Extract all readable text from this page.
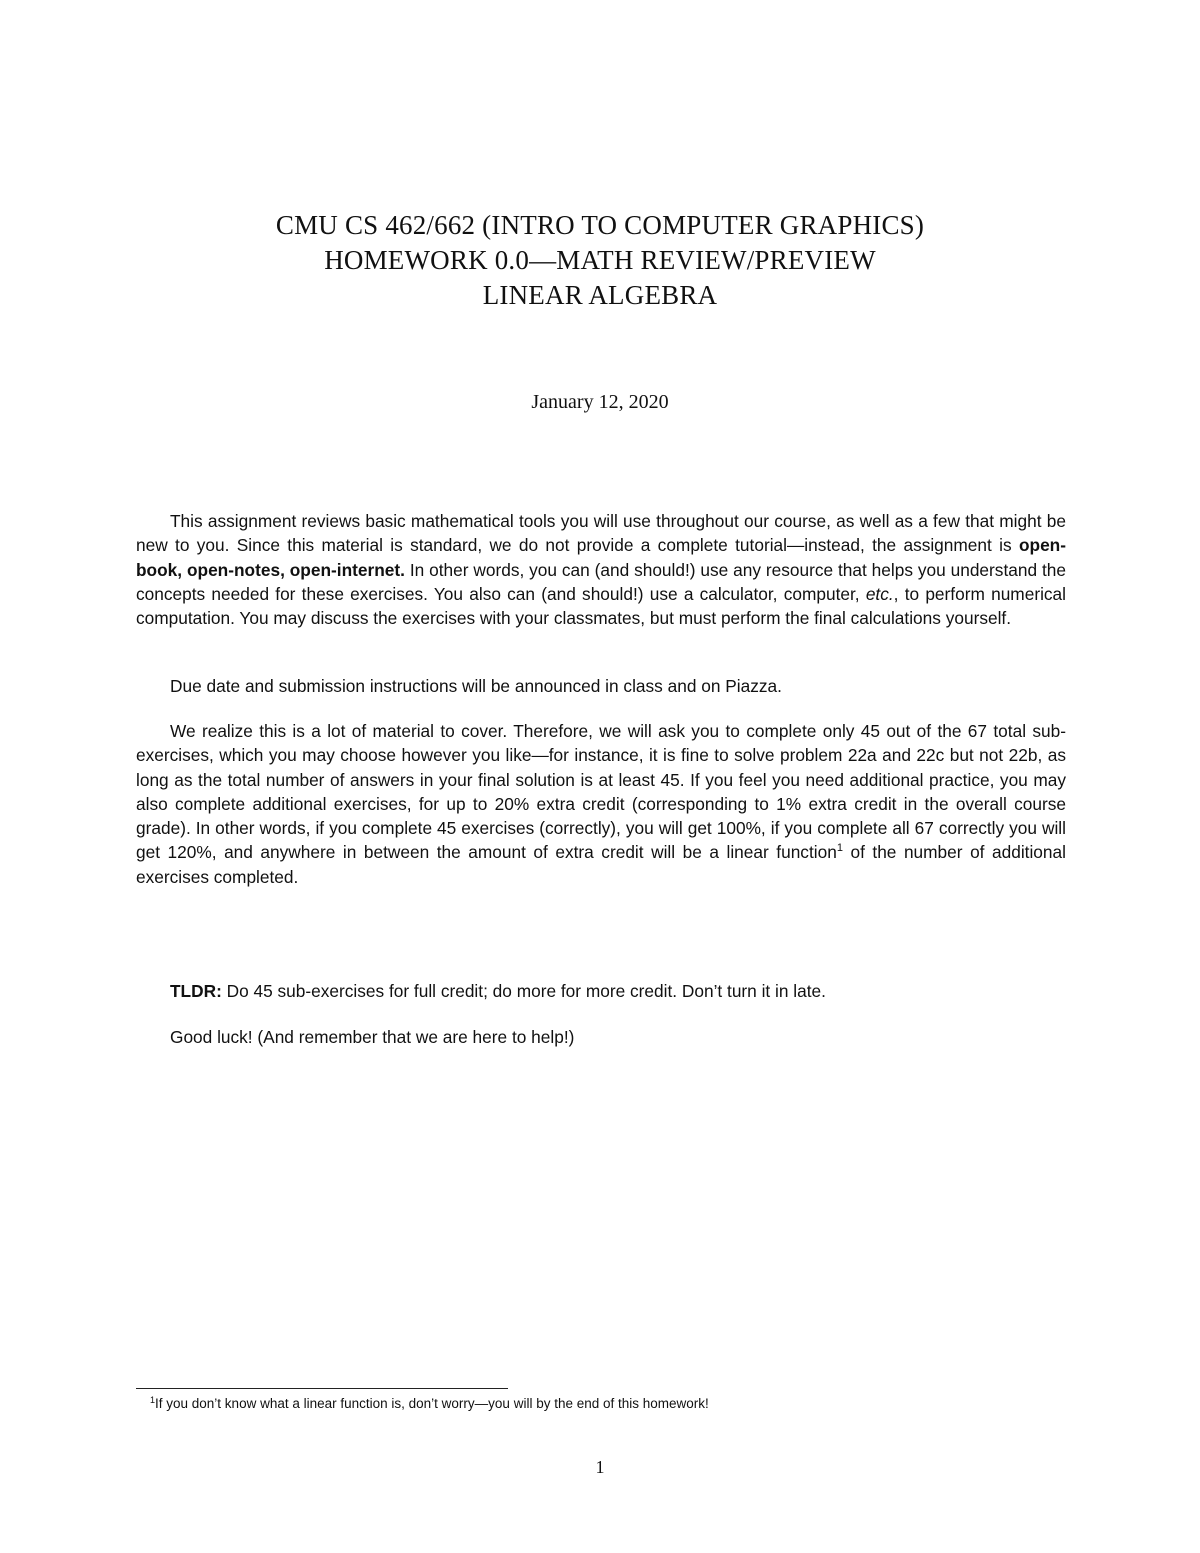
CMU CS 462/662 (INTRO TO COMPUTER GRAPHICS)
HOMEWORK 0.0—MATH REVIEW/PREVIEW
LINEAR ALGEBRA
January 12, 2020

This assignment reviews basic mathematical tools you will use throughout our course, as well as a few that might be new to you. Since this material is standard, we do not provide a complete tutorial—instead, the assignment is open-book, open-notes, open-internet. In other words, you can (and should!) use any resource that helps you understand the concepts needed for these exercises. You also can (and should!) use a calculator, computer, etc., to perform numerical computation. You may discuss the exercises with your classmates, but must perform the final calculations yourself.

Due date and submission instructions will be announced in class and on Piazza.

We realize this is a lot of material to cover. Therefore, we will ask you to complete only 45 out of the 67 total sub-exercises, which you may choose however you like—for instance, it is fine to solve problem 22a and 22c but not 22b, as long as the total number of answers in your final solution is at least 45. If you feel you need additional practice, you may also complete additional exercises, for up to 20% extra credit (corresponding to 1% extra credit in the overall course grade). In other words, if you complete 45 exercises (correctly), you will get 100%, if you complete all 67 correctly you will get 120%, and anywhere in between the amount of extra credit will be a linear function$^1$ of the number of additional exercises completed.

TLDR: Do 45 sub-exercises for full credit; do more for more credit. Don’t turn it in late.

Good luck! (And remember that we are here to help!)

$^1$If you don’t know what a linear function is, don’t worry—you will by the end of this homework!
1
